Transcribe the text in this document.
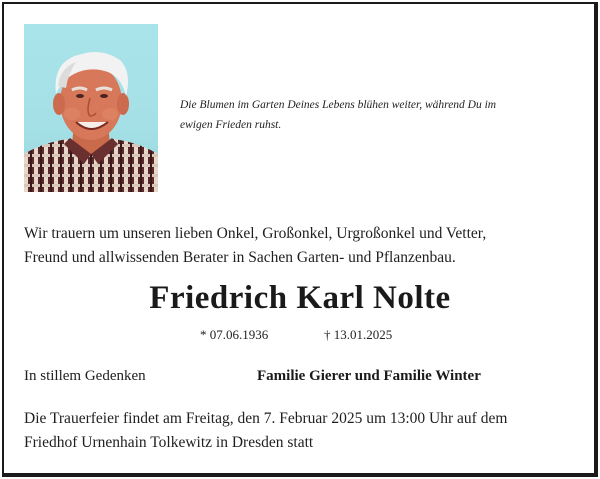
Die Blumen im Garten Deines Lebens blühen weiter, während Du im

ewigen Frieden ruhst.

Wir trauern um unseren lieben Onkel, Großonkel, Urgroßonkel und Vetter,

Freund und allwissenden Berater in Sachen Garten- und Pflanzenbau.

Friedrich Karl Nolte
* 07.06.1936	† 13.01.2025
In stillem Gedenken	Familie Gierer und Familie Winter

Die Trauerfeier findet am Freitag, den 7. Februar 2025 um 13:00 Uhr auf dem

Friedhof Urnenhain Tolkewitz in Dresden statt
